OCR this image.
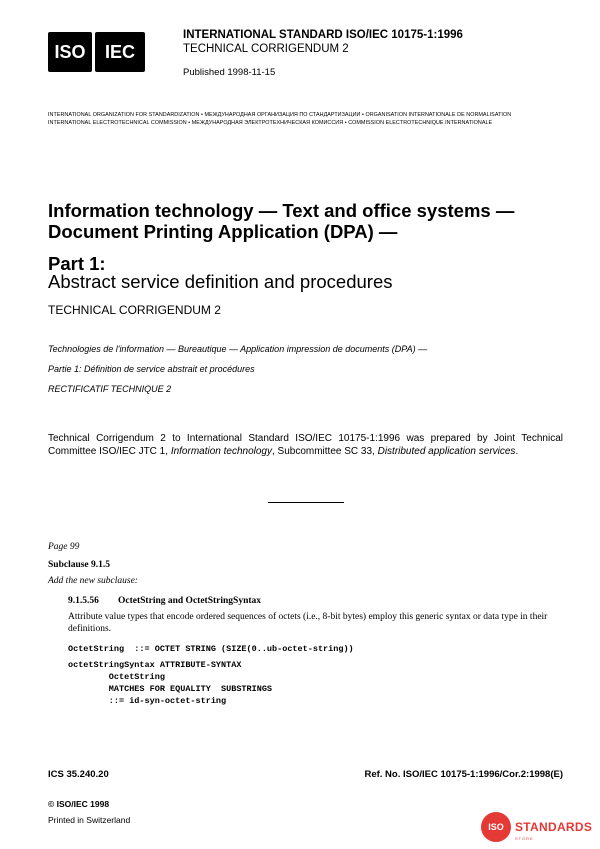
ISO	IEC
INTERNATIONAL STANDARD ISO/IEC 10175-1:1996
TECHNICAL CORRIGENDUM 2
Published 1998-11-15
INTERNATIONAL ORGANIZATION FOR STANDARDIZATION • МЕЖДУНАРОДНАЯ ОРГАНИЗАЦИЯ ПО СТАНДАРТИЗАЦИИ • ORGANISATION INTERNATIONALE DE NORMALISATION
INTERNATIONAL ELECTROTECHNICAL COMMISSION • МЕЖДУНАРОДНАЯ ЭЛЕКТРОТЕХНИЧЕСКАЯ КОМИССИЯ • COMMISSION ELECTROTECHNIQUE INTERNATIONALE
Information technology — Text and office systems —
Document Printing Application (DPA) —
Part 1:
Abstract service definition and procedures
TECHNICAL CORRIGENDUM 2
Technologies de l'information — Bureautique — Application impression de documents (DPA) —
Partie 1: Définition de service abstrait et procédures
RECTIFICATIF TECHNIQUE 2
Technical Corrigendum 2 to International Standard ISO/IEC 10175-1:1996 was prepared by Joint Technical Committee ISO/IEC JTC 1, Information technology, Subcommittee SC 33, Distributed application services.
Page 99
Subclause 9.1.5
Add the new subclause:
9.1.5.56 OctetString and OctetStringSyntax
Attribute value types that encode ordered sequences of octets (i.e., 8-bit bytes) employ this generic syntax or data type in their definitions.
OctetString  ::= OCTET STRING (SIZE(0..ub-octet-string))
octetStringSyntax ATTRIBUTE-SYNTAX
OctetString
MATCHES FOR EQUALITY  SUBSTRINGS
::= id-syn-octet-string
ICS 35.240.20	Ref. No. ISO/IEC 10175-1:1996/Cor.2:1998(E)
© ISO/IEC 1998
Printed in Switzerland
ISO STANDARDS
STORE
